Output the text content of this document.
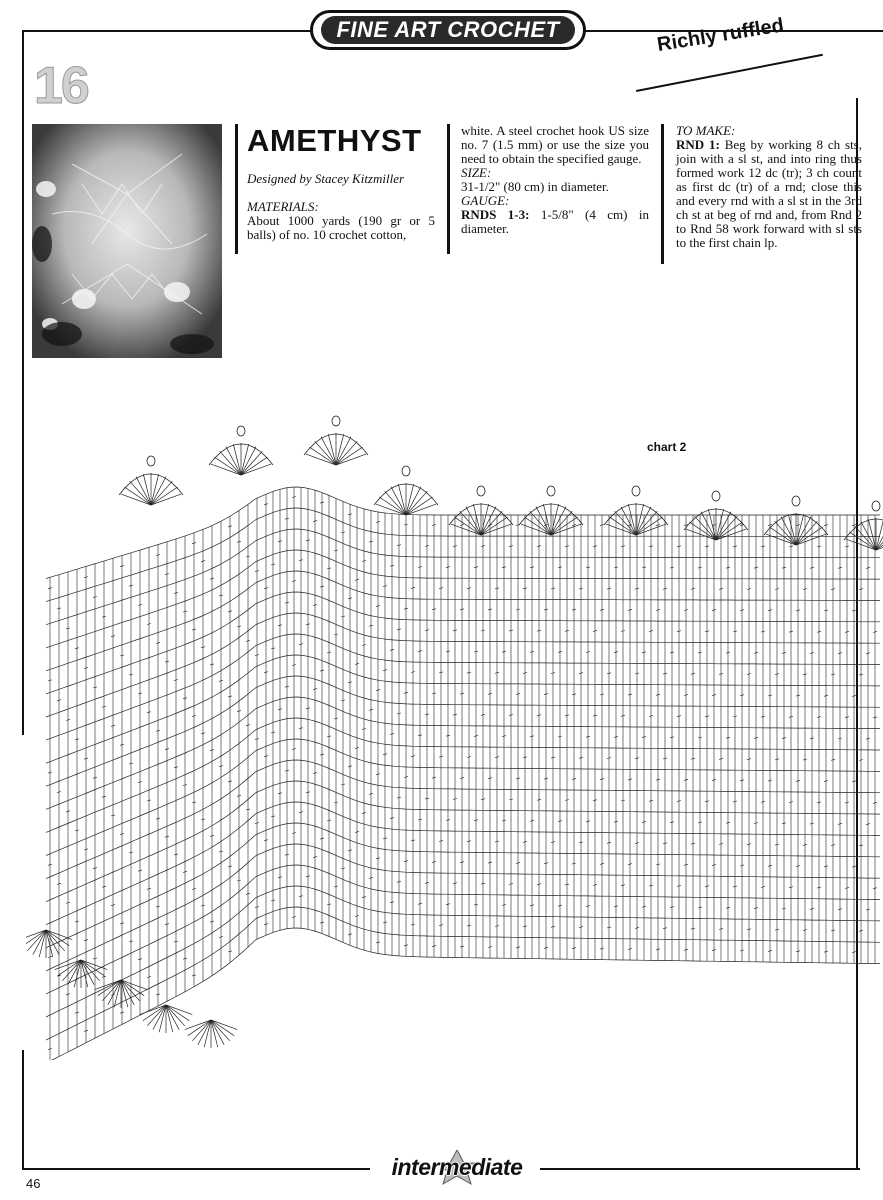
FINE ART CROCHET	Richly ruffled
16

AMETHYST

Designed by Stacey Kitzmiller

MATERIALS:

About 1000 yards (190 gr or 5 balls) of no. 10 crochet cotton,

white. A steel crochet hook US size no. 7 (1.5 mm) or use the size you need to obtain the specified gauge.

SIZE:

31-1/2" (80 cm) in diameter.

GAUGE:

RNDS 1-3: 1-5/8" (4 cm) in diameter.

TO MAKE:

RND 1: Beg by working 8 ch sts, join with a sl st, and into ring thus formed work 12 dc (tr); 3 ch count as first dc (tr) of a rnd; close this and every rnd with a sl st in the 3rd ch st at beg of rnd and, from Rnd 2 to Rnd 58 work forward with sl sts to the first chain lp.

chart 2
intermediate
46
